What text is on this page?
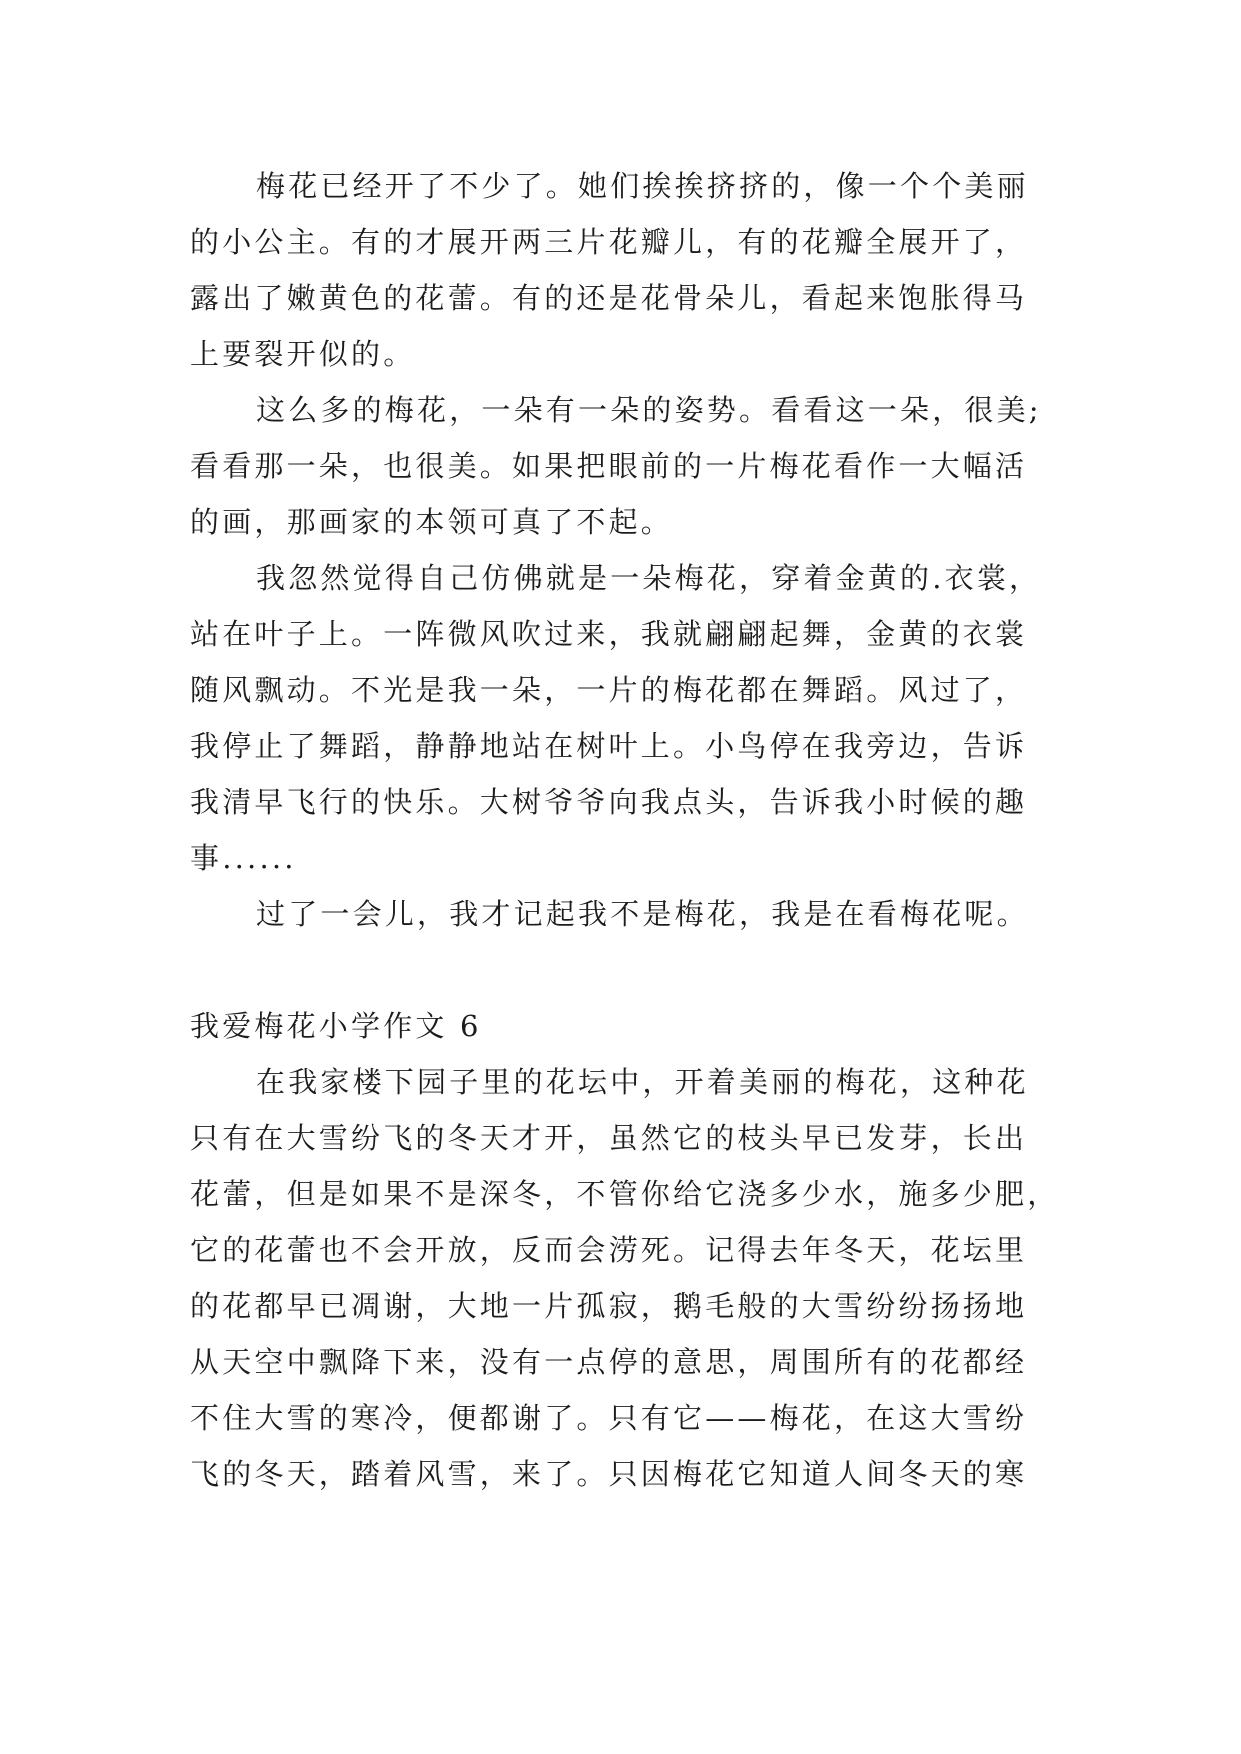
梅花已经开了不少了。她们挨挨挤挤的，像一个个美丽
的小公主。有的才展开两三片花瓣儿，有的花瓣全展开了，
露出了嫩黄色的花蕾。有的还是花骨朵儿，看起来饱胀得马
上要裂开似的。
这么多的梅花，一朵有一朵的姿势。看看这一朵，很美;
看看那一朵，也很美。如果把眼前的一片梅花看作一大幅活
的画，那画家的本领可真了不起。
我忽然觉得自己仿佛就是一朵梅花，穿着金黄的.衣裳，
站在叶子上。一阵微风吹过来，我就翩翩起舞，金黄的衣裳
随风飘动。不光是我一朵，一片的梅花都在舞蹈。风过了，
我停止了舞蹈，静静地站在树叶上。小鸟停在我旁边，告诉
我清早飞行的快乐。大树爷爷向我点头，告诉我小时候的趣
事......
过了一会儿，我才记起我不是梅花，我是在看梅花呢。
我爱梅花小学作文 6
在我家楼下园子里的花坛中，开着美丽的梅花，这种花
只有在大雪纷飞的冬天才开，虽然它的枝头早已发芽，长出
花蕾，但是如果不是深冬，不管你给它浇多少水，施多少肥，
它的花蕾也不会开放，反而会涝死。记得去年冬天，花坛里
的花都早已凋谢，大地一片孤寂，鹅毛般的大雪纷纷扬扬地
从天空中飘降下来，没有一点停的意思，周围所有的花都经
不住大雪的寒冷，便都谢了。只有它——梅花，在这大雪纷
飞的冬天，踏着风雪，来了。只因梅花它知道人间冬天的寒
